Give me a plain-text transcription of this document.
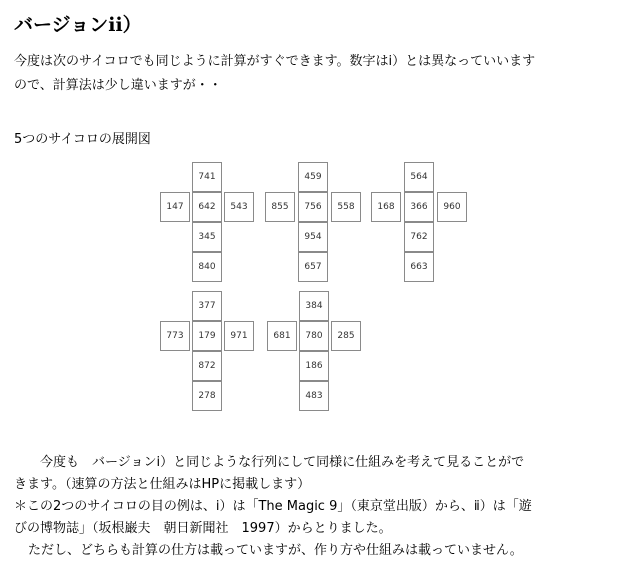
バージョンⅱ）
今度は次のサイコロでも同じように計算がすぐできます。数字はⅰ）とは異なっていいます
ので、計算法は少し違いますが・・
5つのサイコロの展開図
741
147	642	543
345
840
459
855	756	558
954
657
564
168	366	960
762
663
377
773	179	971
872
278
384
681	780	285
186
483
今度も　バージョンⅰ）と同じような行列にして同様に仕組みを考えて見ることがで
きます。（速算の方法と仕組みはHPに掲載します）
＊この2つのサイコロの目の例は、ⅰ）は「The Magic 9」（東京堂出版）から、ⅱ）は「遊
びの博物誌」（坂根巌夫　朝日新聞社　1997）からとりました。
ただし、どちらも計算の仕方は載っていますが、作り方や仕組みは載っていません。
